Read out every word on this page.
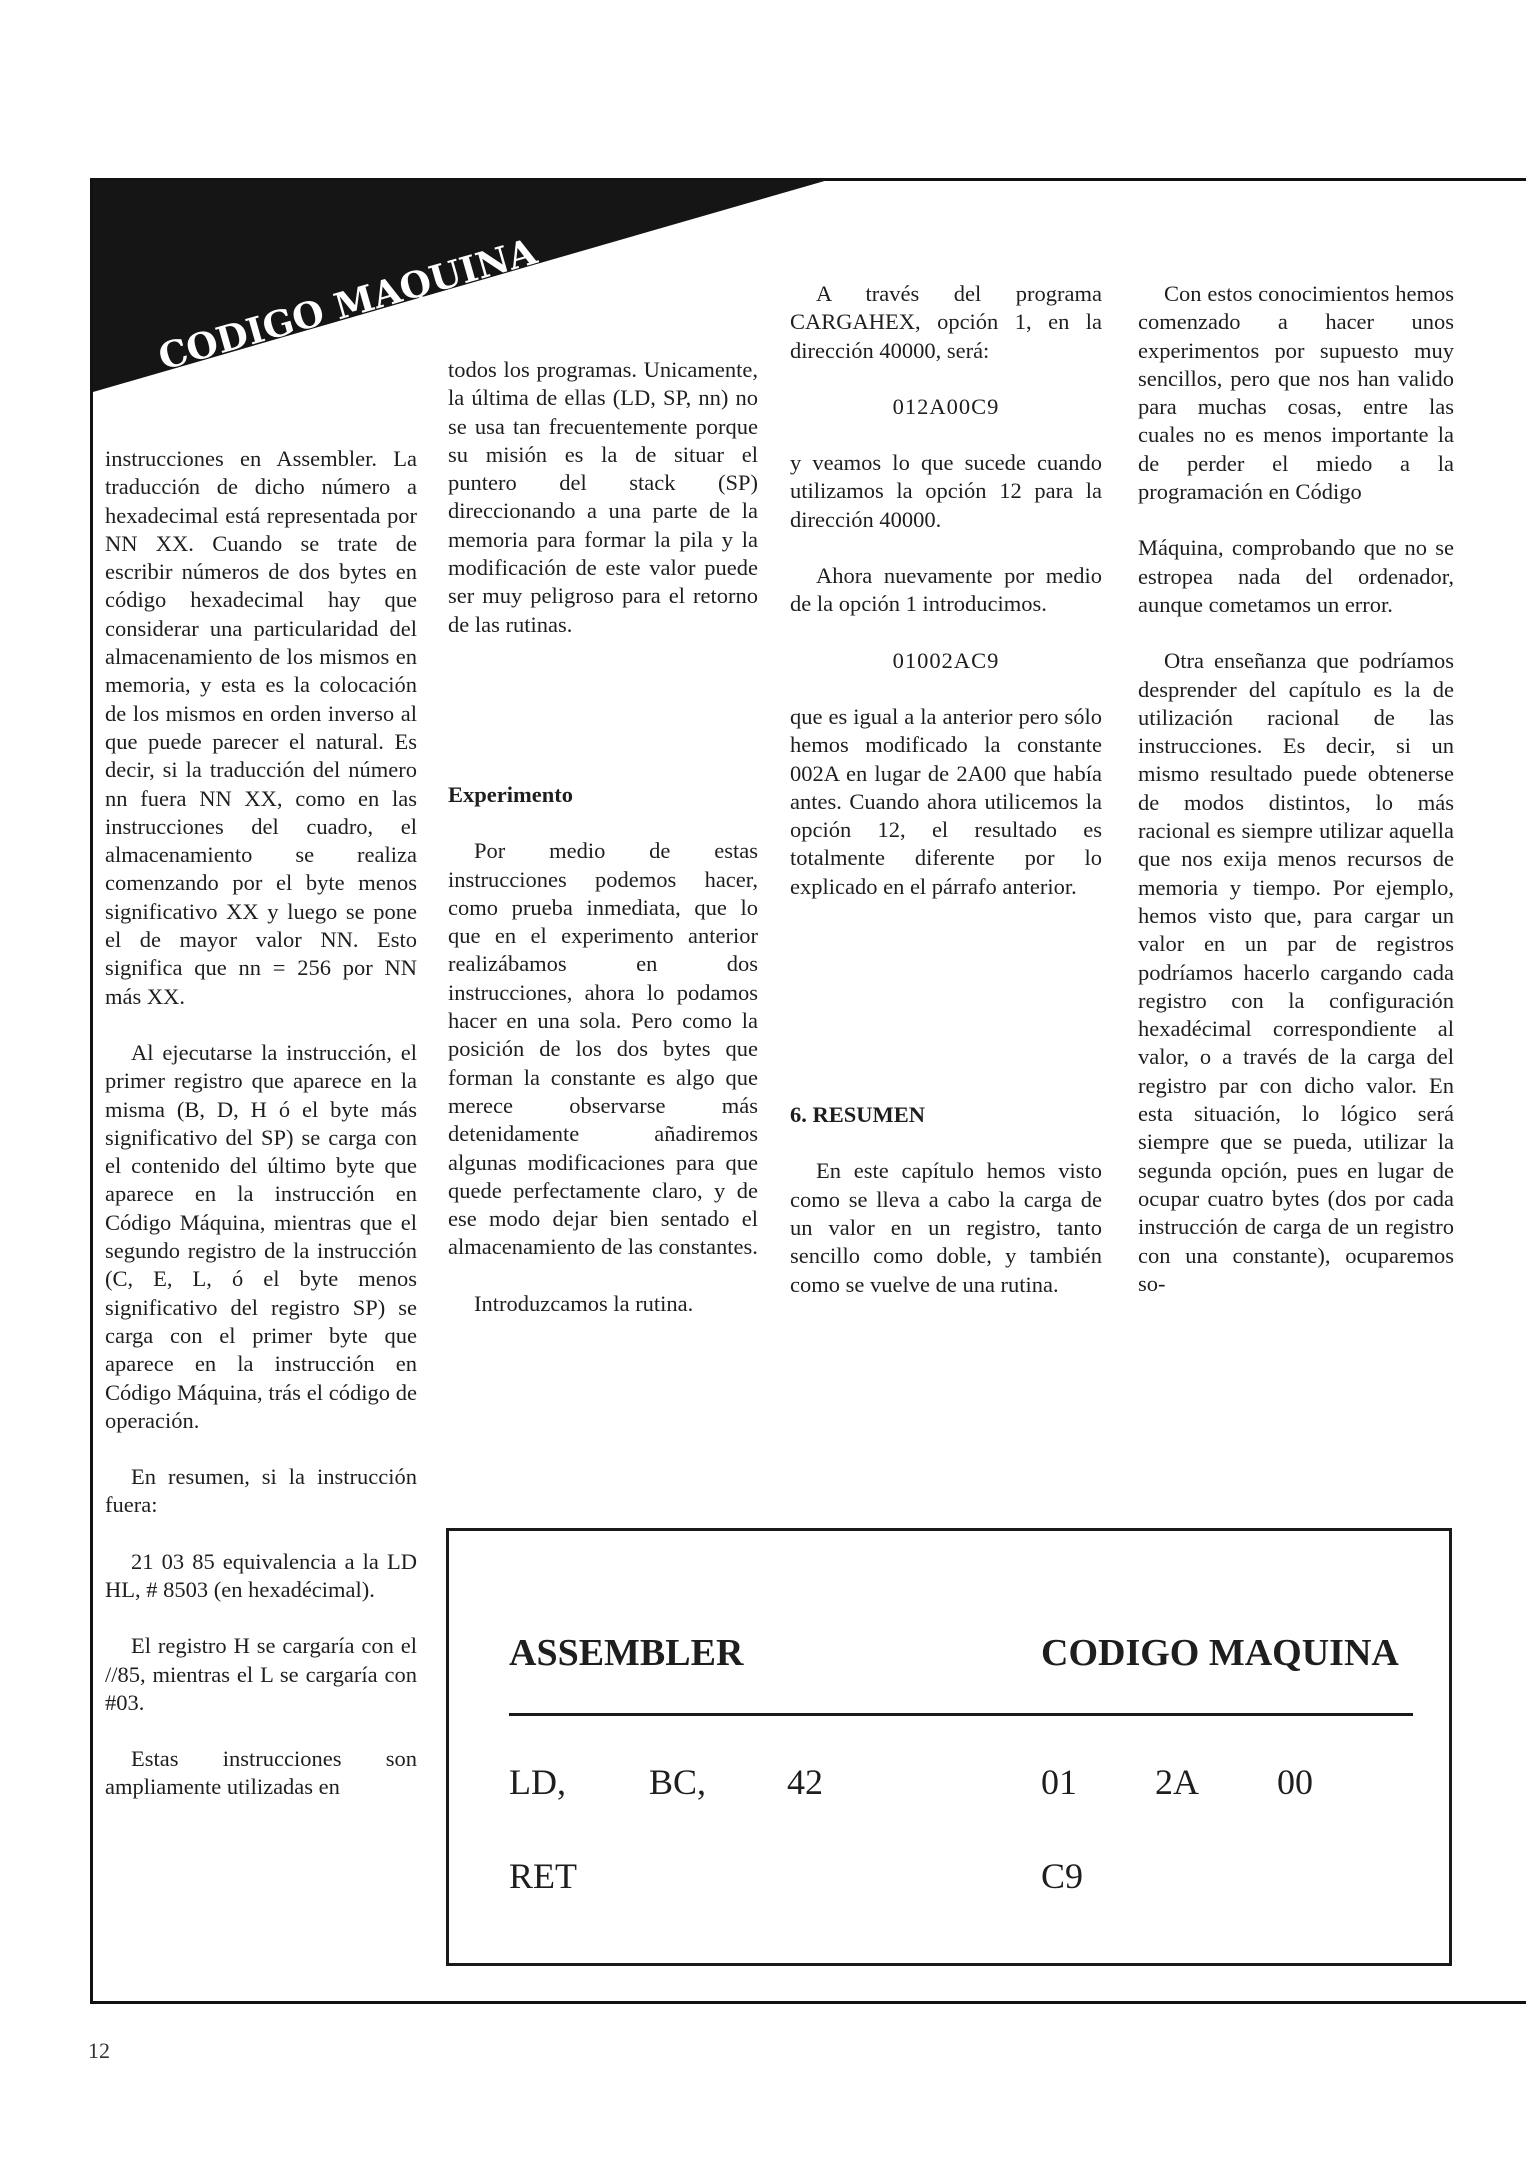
CODIGO MAQUINA

instrucciones en Assembler. La traducción de dicho número a hexadecimal está representada por NN XX. Cuando se trate de escribir números de dos bytes en código hexadecimal hay que considerar una particularidad del almacenamiento de los mismos en memoria, y esta es la colocación de los mismos en orden inverso al que puede parecer el natural. Es decir, si la traducción del número nn fuera NN XX, como en las instrucciones del cuadro, el almacenamiento se realiza comenzando por el byte menos significativo XX y luego se pone el de mayor valor NN. Esto significa que nn = 256 por NN más XX.

Al ejecutarse la instrucción, el primer registro que aparece en la misma (B, D, H ó el byte más significativo del SP) se carga con el contenido del último byte que aparece en la instrucción en Código Máquina, mientras que el segundo registro de la instrucción (C, E, L, ó el byte menos significativo del registro SP) se carga con el primer byte que aparece en la instrucción en Código Máquina, trás el código de operación.

En resumen, si la instrucción fuera:

21 03 85 equivalencia a la LD HL, # 8503 (en hexadécimal).

El registro H se cargaría con el //85, mientras el L se cargaría con #03.

Estas instrucciones son ampliamente utilizadas en

todos los programas. Unicamente, la última de ellas (LD, SP, nn) no se usa tan frecuentemente porque su misión es la de situar el puntero del stack (SP) direccionando a una parte de la memoria para formar la pila y la modificación de este valor puede ser muy peligroso para el retorno de las rutinas.

Experimento

Por medio de estas instrucciones podemos hacer, como prueba inmediata, que lo que en el experimento anterior realizábamos en dos instrucciones, ahora lo podamos hacer en una sola. Pero como la posición de los dos bytes que forman la constante es algo que merece observarse más detenidamente añadiremos algunas modificaciones para que quede perfectamente claro, y de ese modo dejar bien sentado el almacenamiento de las constantes.

Introduzcamos la rutina.

A través del programa CARGAHEX, opción 1, en la dirección 40000, será:

012A00C9

y veamos lo que sucede cuando utilizamos la opción 12 para la dirección 40000.

Ahora nuevamente por medio de la opción 1 introducimos.

01002AC9

que es igual a la anterior pero sólo hemos modificado la constante 002A en lugar de 2A00 que había antes. Cuando ahora utilicemos la opción 12, el resultado es totalmente diferente por lo explicado en el párrafo anterior.

6. RESUMEN

En este capítulo hemos visto como se lleva a cabo la carga de un valor en un registro, tanto sencillo como doble, y también como se vuelve de una rutina.

Con estos conocimientos hemos comenzado a hacer unos experimentos por supuesto muy sencillos, pero que nos han valido para muchas cosas, entre las cuales no es menos importante la de perder el miedo a la programación en Código

Máquina, comprobando que no se estropea nada del ordenador, aunque cometamos un error.

Otra enseñanza que podríamos desprender del capítulo es la de utilización racional de las instrucciones. Es decir, si un mismo resultado puede obtenerse de modos distintos, lo más racional es siempre utilizar aquella que nos exija menos recursos de memoria y tiempo. Por ejemplo, hemos visto que, para cargar un valor en un par de registros podríamos hacerlo cargando cada registro con la configuración hexadécimal correspondiente al valor, o a través de la carga del registro par con dicho valor. En esta situación, lo lógico será siempre que se pueda, utilizar la segunda opción, pues en lugar de ocupar cuatro bytes (dos por cada instrucción de carga de un registro con una constante), ocuparemos so-

ASSEMBLER	CODIGO MAQUINA
LD, BC, 42	01 2A 00
RET	C9
12
